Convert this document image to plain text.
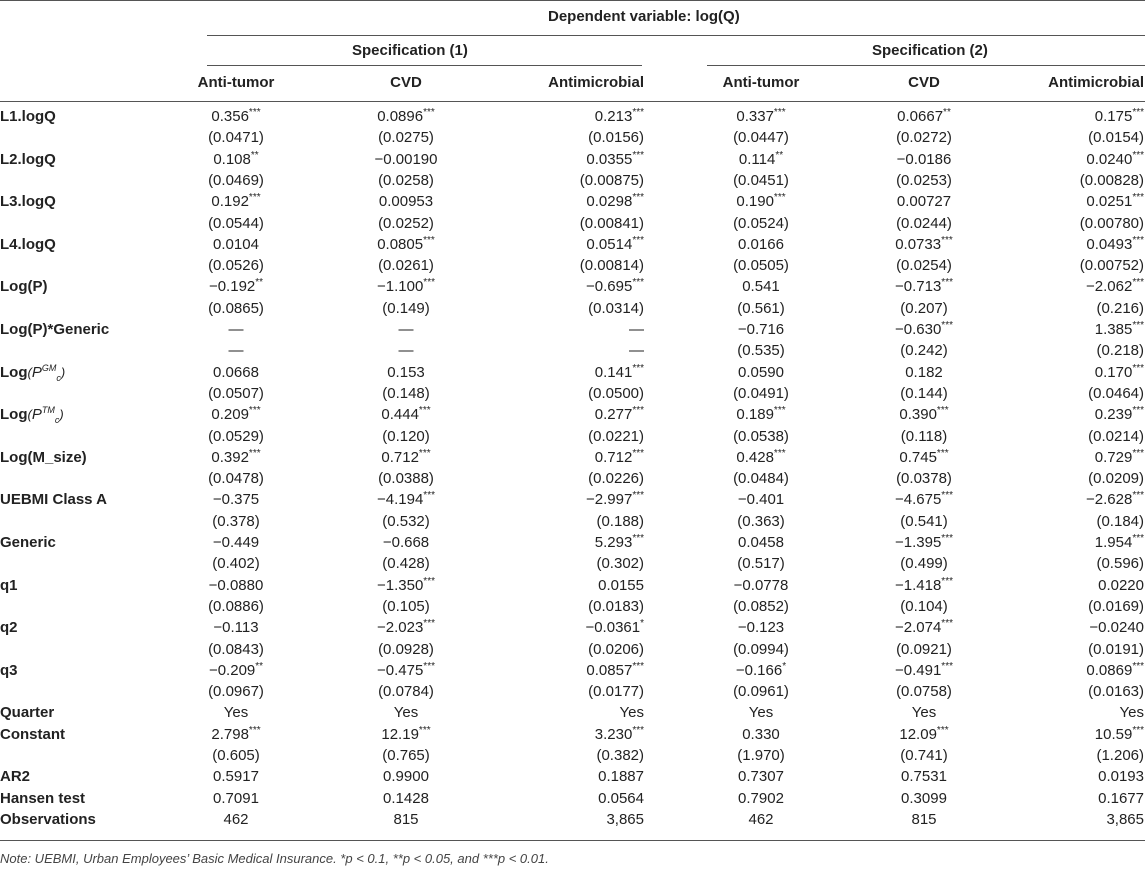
Dependent variable: log(Q)
Specification (1)	Specification (2)
Anti-tumor	CVD	Antimicrobial	Anti-tumor	CVD	Antimicrobial
L1.logQ	0.356***	0.0896***	0.213***	0.337***	0.0667**	0.175***
(0.0471)	(0.0275)	(0.0156)	(0.0447)	(0.0272)	(0.0154)
L2.logQ	0.108**	−0.00190	0.0355***	0.114**	−0.0186	0.0240***
(0.0469)	(0.0258)	(0.00875)	(0.0451)	(0.0253)	(0.00828)
L3.logQ	0.192***	0.00953	0.0298***	0.190***	0.00727	0.0251***
(0.0544)	(0.0252)	(0.00841)	(0.0524)	(0.0244)	(0.00780)
L4.logQ	0.0104	0.0805***	0.0514***	0.0166	0.0733***	0.0493***
(0.0526)	(0.0261)	(0.00814)	(0.0505)	(0.0254)	(0.00752)
Log(P)	−0.192**	−1.100***	−0.695***	0.541	−0.713***	−2.062***
(0.0865)	(0.149)	(0.0314)	(0.561)	(0.207)	(0.216)
Log(P)*Generic	—	—	—	−0.716	−0.630***	1.385***
—	—	—	(0.535)	(0.242)	(0.218)
$Log(P^{GM}_c)$	0.0668	0.153	0.141***	0.0590	0.182	0.170***
(0.0507)	(0.148)	(0.0500)	(0.0491)	(0.144)	(0.0464)
$Log(P™_c)$	0.209***	0.444***	0.277***	0.189***	0.390***	0.239***
(0.0529)	(0.120)	(0.0221)	(0.0538)	(0.118)	(0.0214)
Log(M_size)	0.392***	0.712***	0.712***	0.428***	0.745***	0.729***
(0.0478)	(0.0388)	(0.0226)	(0.0484)	(0.0378)	(0.0209)
UEBMI Class A	−0.375	−4.194***	−2.997***	−0.401	−4.675***	−2.628***
(0.378)	(0.532)	(0.188)	(0.363)	(0.541)	(0.184)
Generic	−0.449	−0.668	5.293***	0.0458	−1.395***	1.954***
(0.402)	(0.428)	(0.302)	(0.517)	(0.499)	(0.596)
q1	−0.0880	−1.350***	0.0155	−0.0778	−1.418***	0.0220
(0.0886)	(0.105)	(0.0183)	(0.0852)	(0.104)	(0.0169)
q2	−0.113	−2.023***	−0.0361*	−0.123	−2.074***	−0.0240
(0.0843)	(0.0928)	(0.0206)	(0.0994)	(0.0921)	(0.0191)
q3	−0.209**	−0.475***	0.0857***	−0.166*	−0.491***	0.0869***
(0.0967)	(0.0784)	(0.0177)	(0.0961)	(0.0758)	(0.0163)
Quarter	Yes	Yes	Yes	Yes	Yes	Yes
Constant	2.798***	12.19***	3.230***	0.330	12.09***	10.59***
(0.605)	(0.765)	(0.382)	(1.970)	(0.741)	(1.206)
AR2	0.5917	0.9900	0.1887	0.7307	0.7531	0.0193
Hansen test	0.7091	0.1428	0.0564	0.7902	0.3099	0.1677
Observations	462	815	3,865	462	815	3,865
Note: UEBMI, Urban Employees’ Basic Medical Insurance. *p < 0.1, **p < 0.05, and ***p < 0.01.
